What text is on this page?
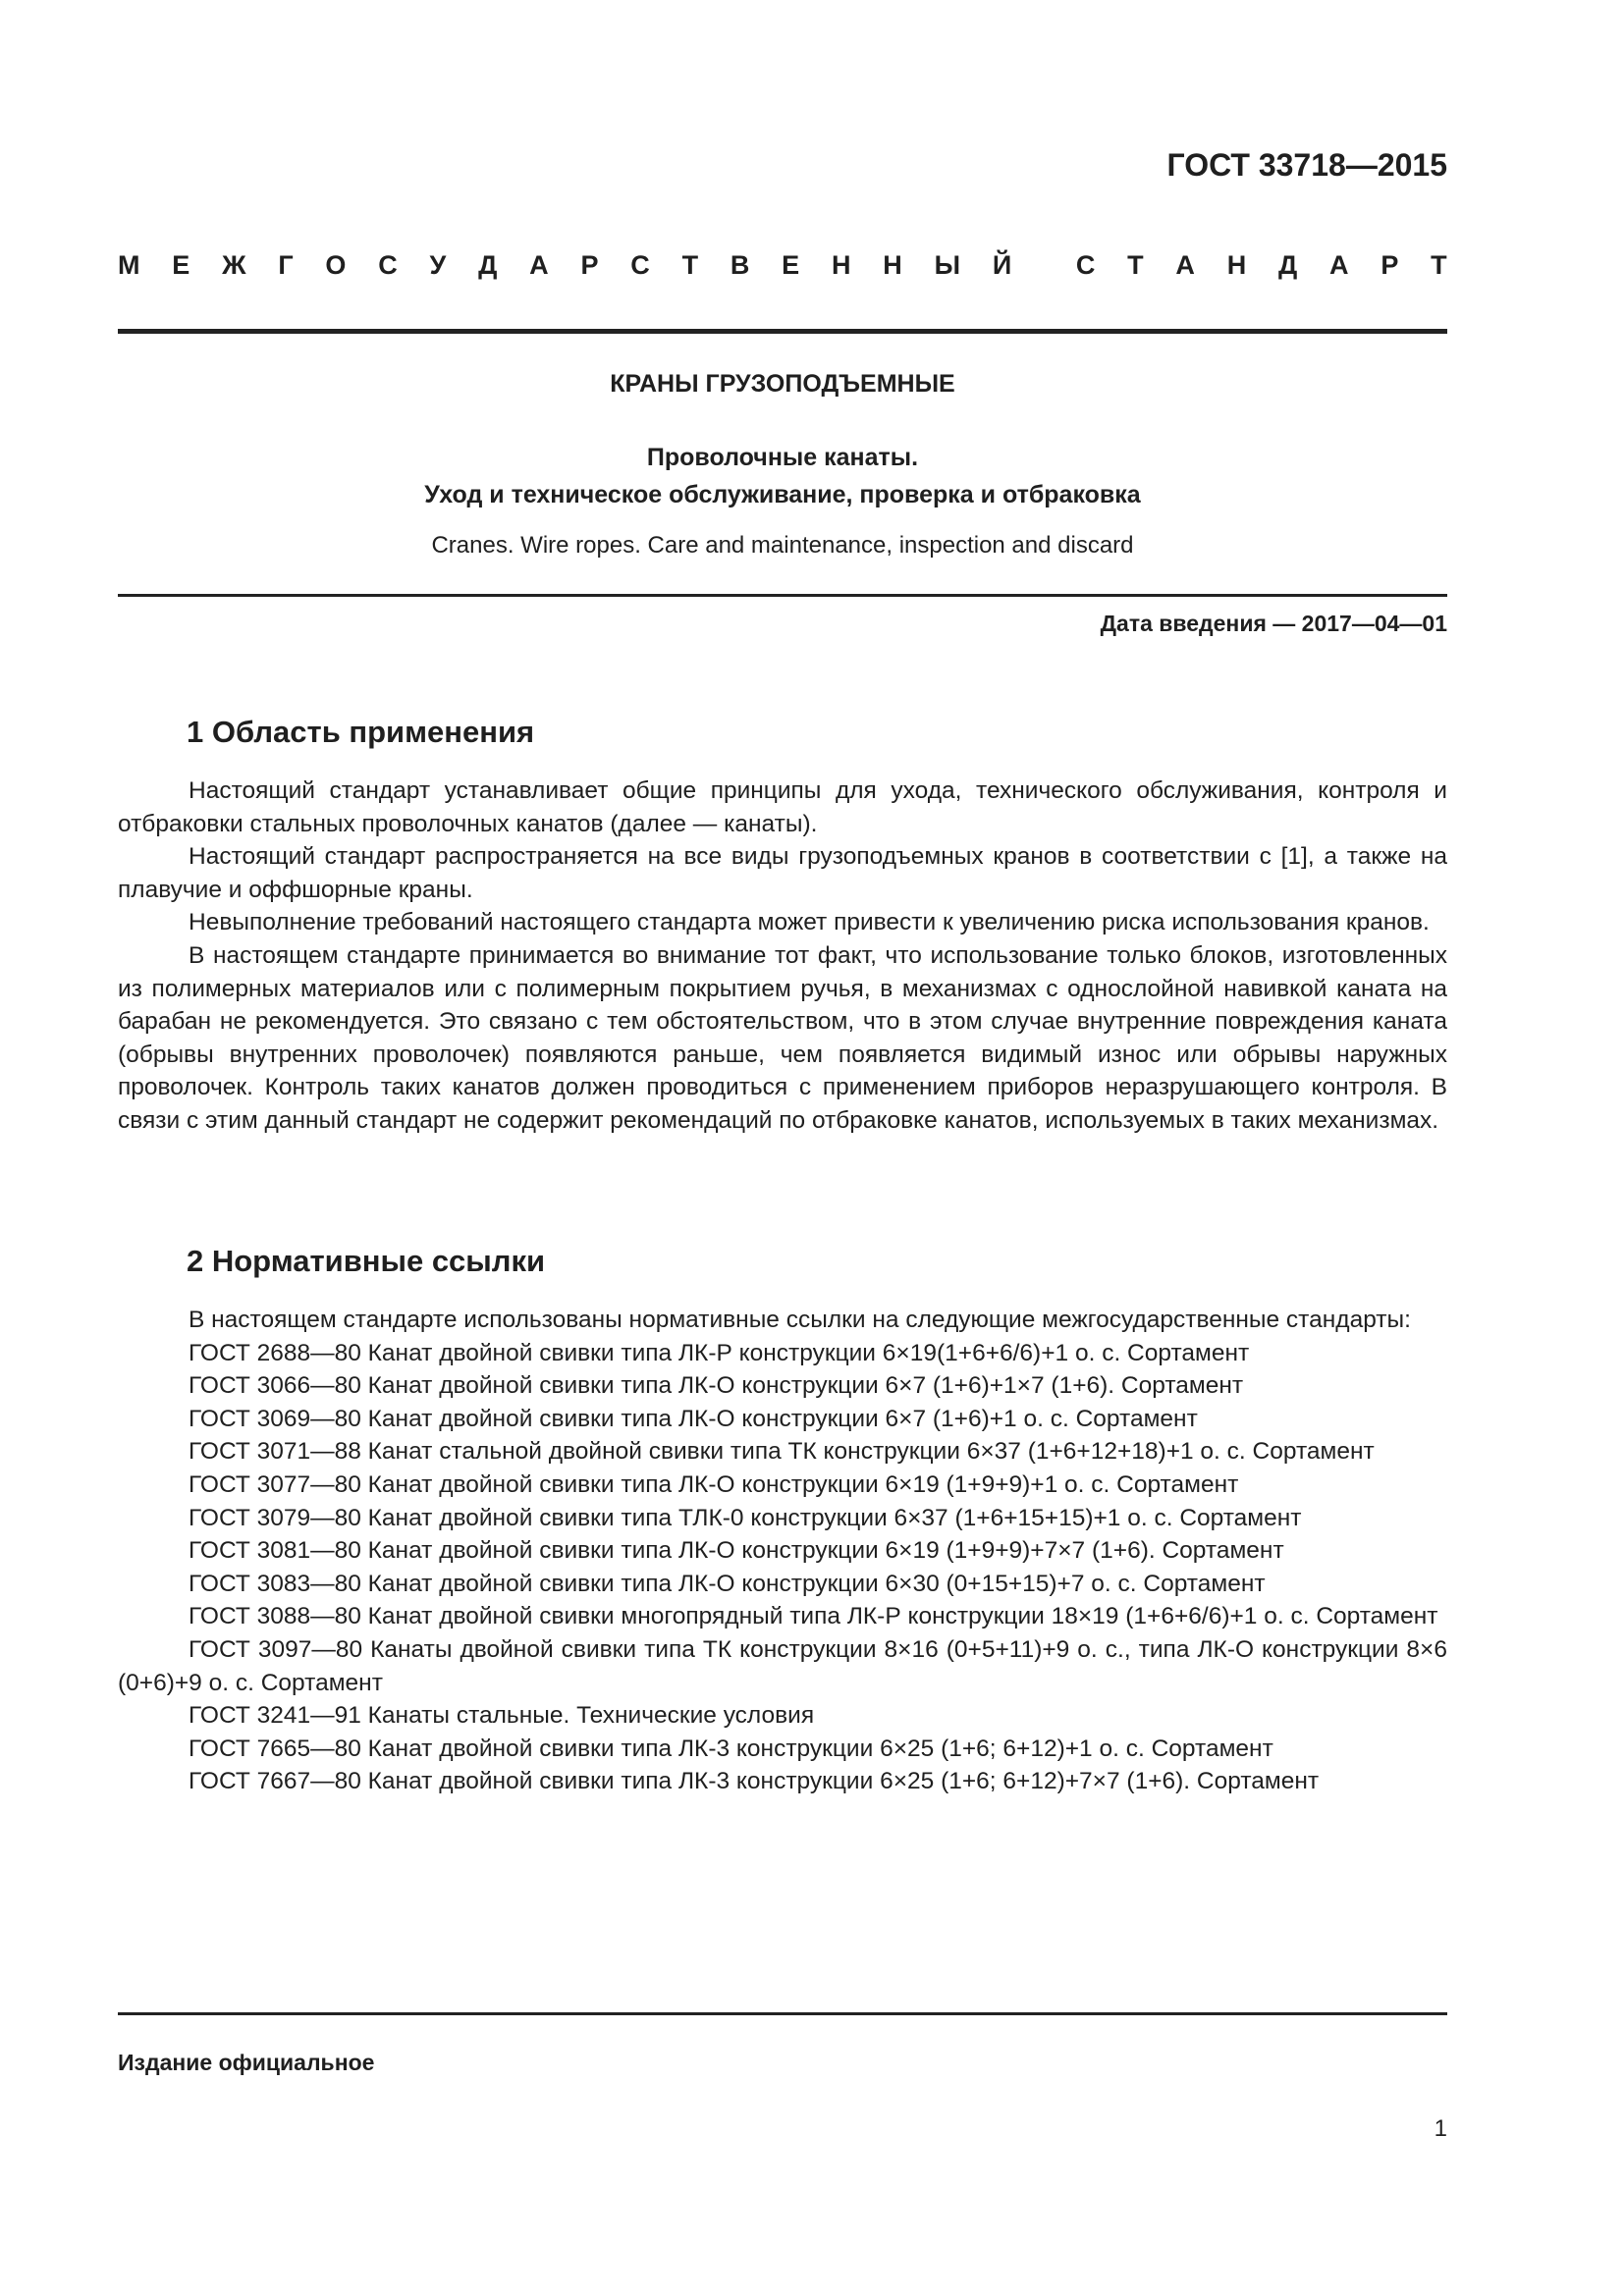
ГОСТ 33718—2015
М Е Ж Г О С У Д А Р С Т В Е Н Н Ы Й С Т А Н Д А Р Т
КРАНЫ ГРУЗОПОДЪЕМНЫЕ
Проволочные канаты.
Уход и техническое обслуживание, проверка и отбраковка
Cranes. Wire ropes. Care and maintenance, inspection and discard
Дата введения — 2017—04—01
1 Область применения

Настоящий стандарт устанавливает общие принципы для ухода, технического обслуживания, контроля и отбраковки стальных проволочных канатов (далее — канаты).

Настоящий стандарт распространяется на все виды грузоподъемных кранов в соответствии с [1], а также на плавучие и оффшорные краны.

Невыполнение требований настоящего стандарта может привести к увеличению риска использования кранов.

В настоящем стандарте принимается во внимание тот факт, что использование только блоков, изготовленных из полимерных материалов или с полимерным покрытием ручья, в механизмах с однослойной навивкой каната на барабан не рекомендуется. Это связано с тем обстоятельством, что в этом случае внутренние повреждения каната (обрывы внутренних проволочек) появляются раньше, чем появляется видимый износ или обрывы наружных проволочек. Контроль таких канатов должен проводиться с применением приборов неразрушающего контроля. В связи с этим данный стандарт не содержит рекомендаций по отбраковке канатов, используемых в таких механизмах.

2 Нормативные ссылки

В настоящем стандарте использованы нормативные ссылки на следующие межгосударственные стандарты:

ГОСТ 2688—80 Канат двойной свивки типа ЛК-Р конструкции 6×19(1+6+6/6)+1 о. с. Сортамент

ГОСТ 3066—80 Канат двойной свивки типа ЛК-О конструкции 6×7 (1+6)+1×7 (1+6). Сортамент

ГОСТ 3069—80 Канат двойной свивки типа ЛК-О конструкции 6×7 (1+6)+1 о. с. Сортамент

ГОСТ 3071—88 Канат стальной двойной свивки типа ТК конструкции 6×37 (1+6+12+18)+1 о. с. Сортамент

ГОСТ 3077—80 Канат двойной свивки типа ЛК-О конструкции 6×19 (1+9+9)+1 о. с. Сортамент

ГОСТ 3079—80 Канат двойной свивки типа ТЛК-0 конструкции 6×37 (1+6+15+15)+1 о. с. Сортамент

ГОСТ 3081—80 Канат двойной свивки типа ЛК-О конструкции 6×19 (1+9+9)+7×7 (1+6). Сортамент

ГОСТ 3083—80 Канат двойной свивки типа ЛК-О конструкции 6×30 (0+15+15)+7 о. с. Сортамент

ГОСТ 3088—80 Канат двойной свивки многопрядный типа ЛК-Р конструкции 18×19 (1+6+6/6)+1 о. с. Сортамент

ГОСТ 3097—80 Канаты двойной свивки типа ТК конструкции 8×16 (0+5+11)+9 о. с., типа ЛК-О конструкции 8×6 (0+6)+9 о. с. Сортамент

ГОСТ 3241—91 Канаты стальные. Технические условия

ГОСТ 7665—80 Канат двойной свивки типа ЛК-3 конструкции 6×25 (1+6; 6+12)+1 о. с. Сортамент

ГОСТ 7667—80 Канат двойной свивки типа ЛК-3 конструкции 6×25 (1+6; 6+12)+7×7 (1+6). Сортамент

Издание официальное
1
